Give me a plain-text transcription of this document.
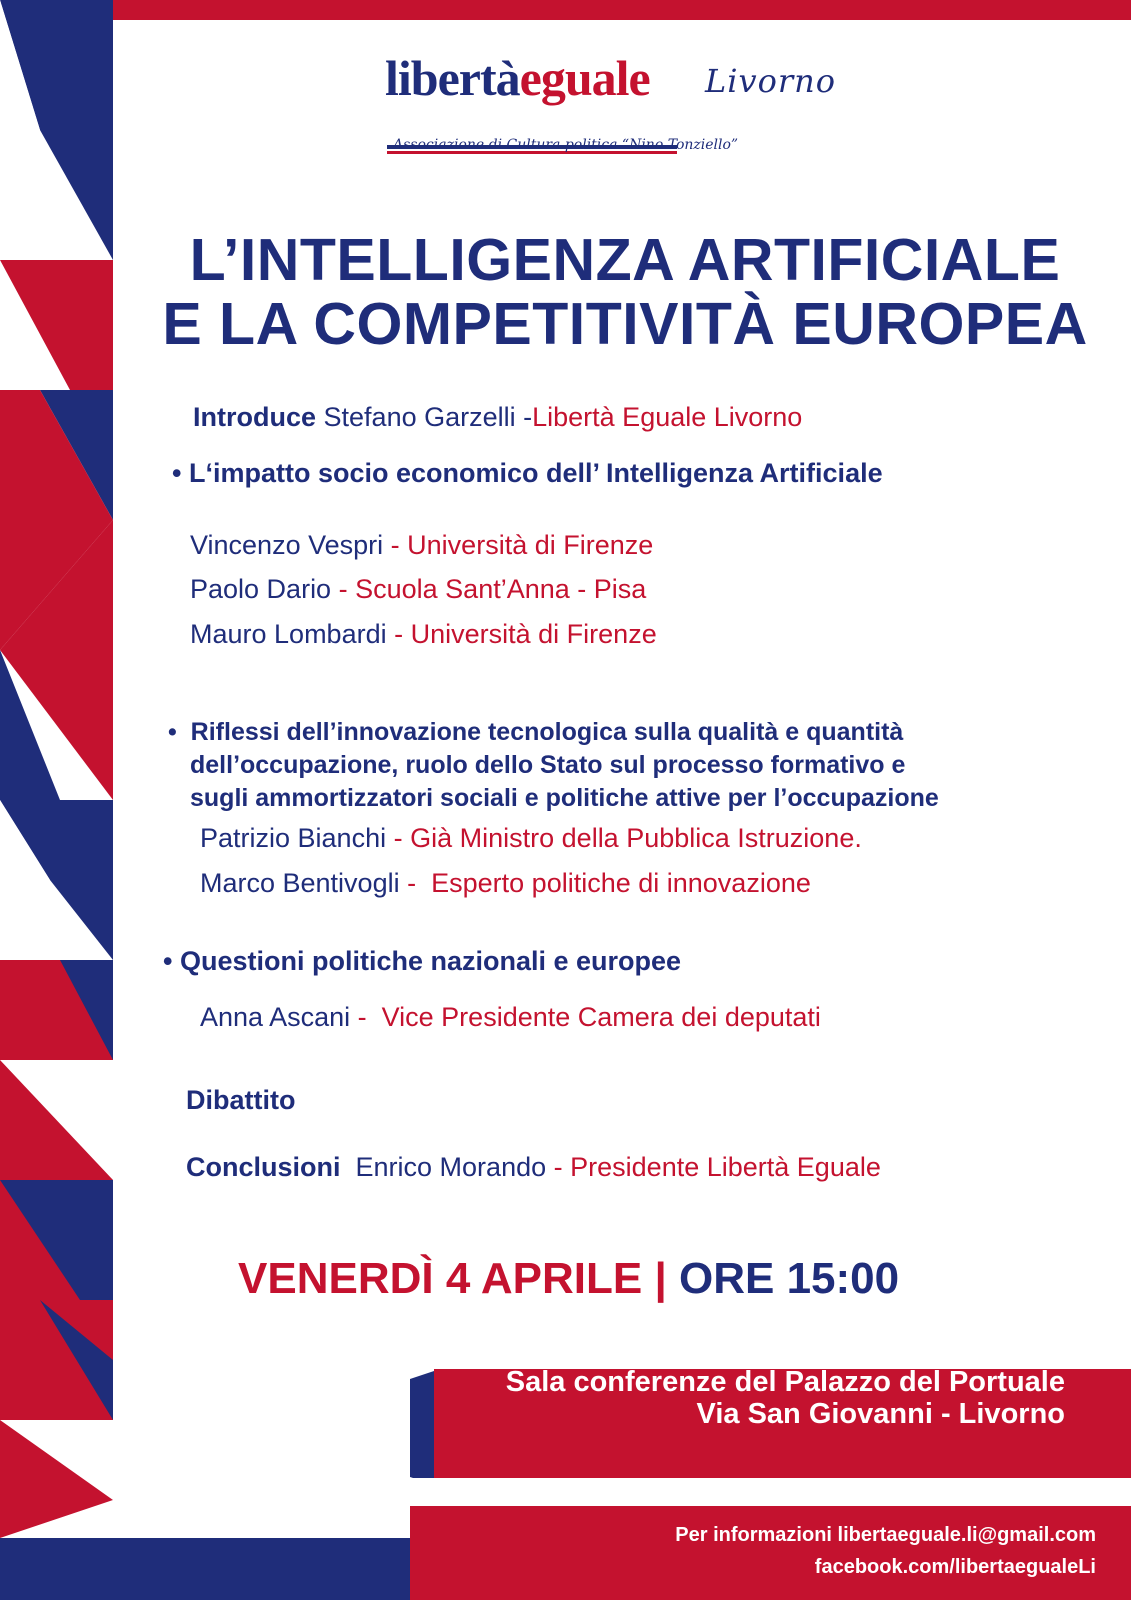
libertàeguale Livorno
Associazione di Cultura politica “Nino Tonziello”
L’INTELLIGENZA ARTIFICIALE
E LA COMPETITIVITÀ EUROPEA
Introduce Stefano Garzelli -Libertà Eguale Livorno
• L‘impatto socio economico dell’ Intelligenza Artificiale
Vincenzo Vespri - Università di Firenze
Paolo Dario - Scuola Sant’Anna - Pisa
Mauro Lombardi - Università di Firenze
• Riflessi dell’innovazione tecnologica sulla qualità e quantità
dell’occupazione, ruolo dello Stato sul processo formativo e
sugli ammortizzatori sociali e politiche attive per l’occupazione
Patrizio Bianchi - Già Ministro della Pubblica Istruzione.
Marco Bentivogli - Esperto politiche di innovazione
• Questioni politiche nazionali e europee
Anna Ascani - Vice Presidente Camera dei deputati
Dibattito
Conclusioni Enrico Morando - Presidente Libertà Eguale
VENERDÌ 4 APRILE | ORE 15:00
Sala conferenze del Palazzo del Portuale
Via San Giovanni - Livorno
Per informazioni libertaeguale.li@gmail.com
facebook.com/libertaegualeLi
